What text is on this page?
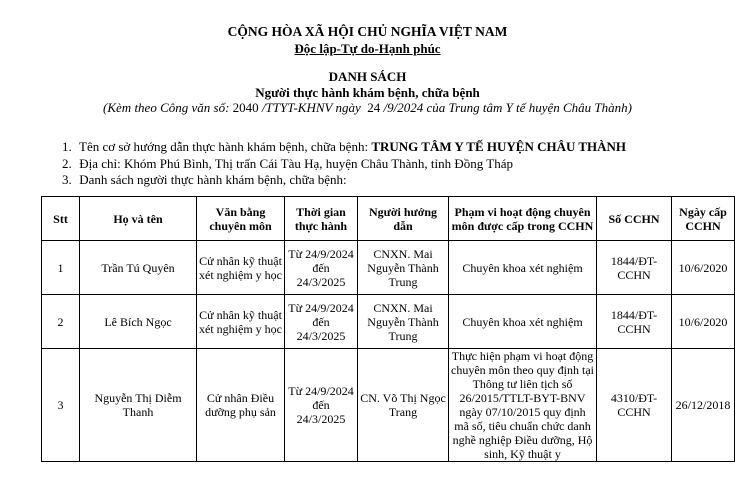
CỘNG HÒA XÃ HỘI CHỦ NGHĨA VIỆT NAM
Độc lập-Tự do-Hạnh phúc
DANH SÁCH
Người thực hành khám bệnh, chữa bệnh
(Kèm theo Công văn số: 2040 /TTYT-KHNV ngày 24 /9/2024 của Trung tâm Y tế huyện Châu Thành)
1. Tên cơ sở hướng dẫn thực hành khám bệnh, chữa bệnh: TRUNG TÂM Y TẾ HUYỆN CHÂU THÀNH
2. Địa chỉ: Khóm Phú Bình, Thị trấn Cái Tàu Hạ, huyện Châu Thành, tỉnh Đồng Tháp
3. Danh sách người thực hành khám bệnh, chữa bệnh:
Stt	Họ và tên	Văn bằng chuyên môn	Thời gian thực hành	Người hướng dẫn	Phạm vi hoạt động chuyên môn được cấp trong CCHN	Số CCHN	Ngày cấp CCHN
1	Trần Tú Quyên	Cử nhân kỹ thuật xét nghiệm y học	Từ 24/9/2024 đến 24/3/2025	CNXN. Mai Nguyễn Thành Trung	Chuyên khoa xét nghiệm	1844/ĐT-CCHN	10/6/2020
2	Lê Bích Ngọc	Cử nhân kỹ thuật xét nghiệm y học	Từ 24/9/2024 đến 24/3/2025	CNXN. Mai Nguyễn Thành Trung	Chuyên khoa xét nghiệm	1844/ĐT-CCHN	10/6/2020
3	Nguyễn Thị Diễm Thanh	Cử nhân Điều dưỡng phụ sản	Từ 24/9/2024 đến 24/3/2025	CN. Võ Thị Ngọc Trang	Thực hiện phạm vi hoạt động chuyên môn theo quy định tại Thông tư liên tịch số 26/2015/TTLT-BYT-BNV ngày 07/10/2015 quy định mã số, tiêu chuẩn chức danh nghề nghiệp Điều dưỡng, Hộ sinh, Kỹ thuật y	4310/ĐT-CCHN	26/12/2018
